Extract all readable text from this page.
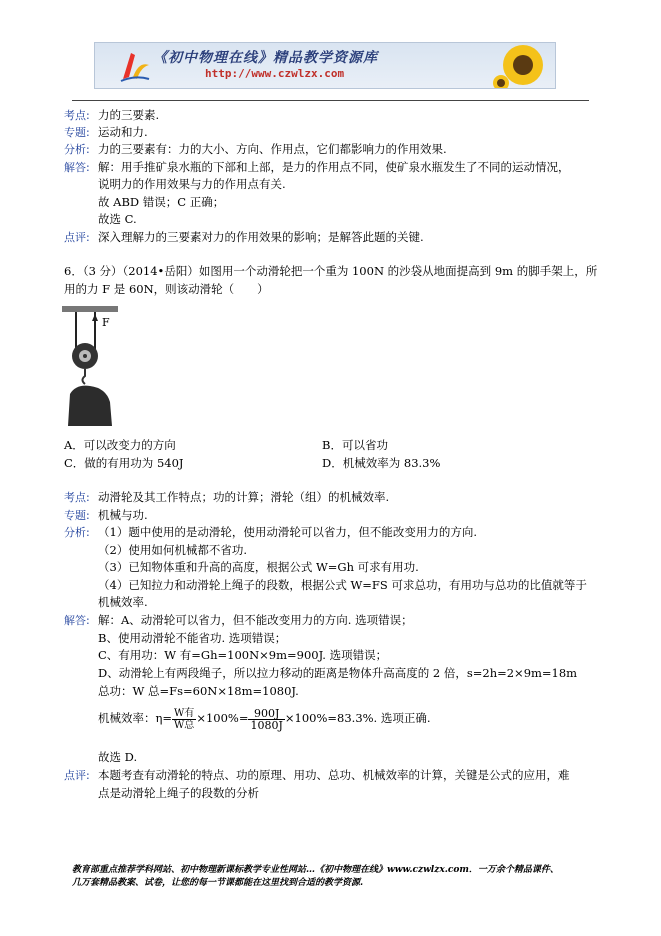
《初中物理在线》精品教学资源库
http://www.czwlzx.com
考点: 力的三要素.
专题: 运动和力.
分析: 力的三要素有：力的大小、方向、作用点，它们都影响力的作用效果.
解答: 解：用手推矿泉水瓶的下部和上部，是力的作用点不同，使矿泉水瓶发生了不同的运动情况，
说明力的作用效果与力的作用点有关.
故 ABD 错误；C 正确；
故选 C.
点评: 深入理解力的三要素对力的作用效果的影响；是解答此题的关键.
6．（3 分）（2014•岳阳）如图用一个动滑轮把一个重为 100N 的沙袋从地面提高到 9m 的脚手架上，所
用的力 F 是 60N，则该动滑轮（　　）
F
A．可以改变力的方向	B．可以省功
C．做的有用功为 540J	D．机械效率为 83.3%
考点: 动滑轮及其工作特点；功的计算；滑轮（组）的机械效率.
专题: 机械与功.
分析: （1）题中使用的是动滑轮，使用动滑轮可以省力，但不能改变用力的方向.
（2）使用如何机械都不省功.
（3）已知物体重和升高的高度，根据公式 W=Gh 可求有用功.
（4）已知拉力和动滑轮上绳子的段数，根据公式 W=FS 可求总功，有用功与总功的比值就等于
机械效率.
解答: 解：A、动滑轮可以省力，但不能改变用力的方向. 选项错误；
B、使用动滑轮不能省功. 选项错误；
C、有用功：W 有=Gh=100N×9m=900J. 选项错误；
D、动滑轮上有两段绳子，所以拉力移动的距离是物体升高高度的 2 倍，s=2h=2×9m=18m
总功：W 总=Fs=60N×18m=1080J.
机械效率：$\eta= \frac{\text{W有}}{\text{W总}} \times 100\%= \frac{900J}{1080J} \times 100\%=83.3\%$. 选项正确.
故选 D.
点评: 本题考查有动滑轮的特点、功的原理、用功、总功、机械效率的计算，关键是公式的应用，难
点是动滑轮上绳子的段数的分析
教育部重点推荐学科网站、初中物理新课标教学专业性网站…《初中物理在线》www.czwlzx.com．一万余个精品课件、
几万套精品教案、试卷，让您的每一节课都能在这里找到合适的教学资源.
